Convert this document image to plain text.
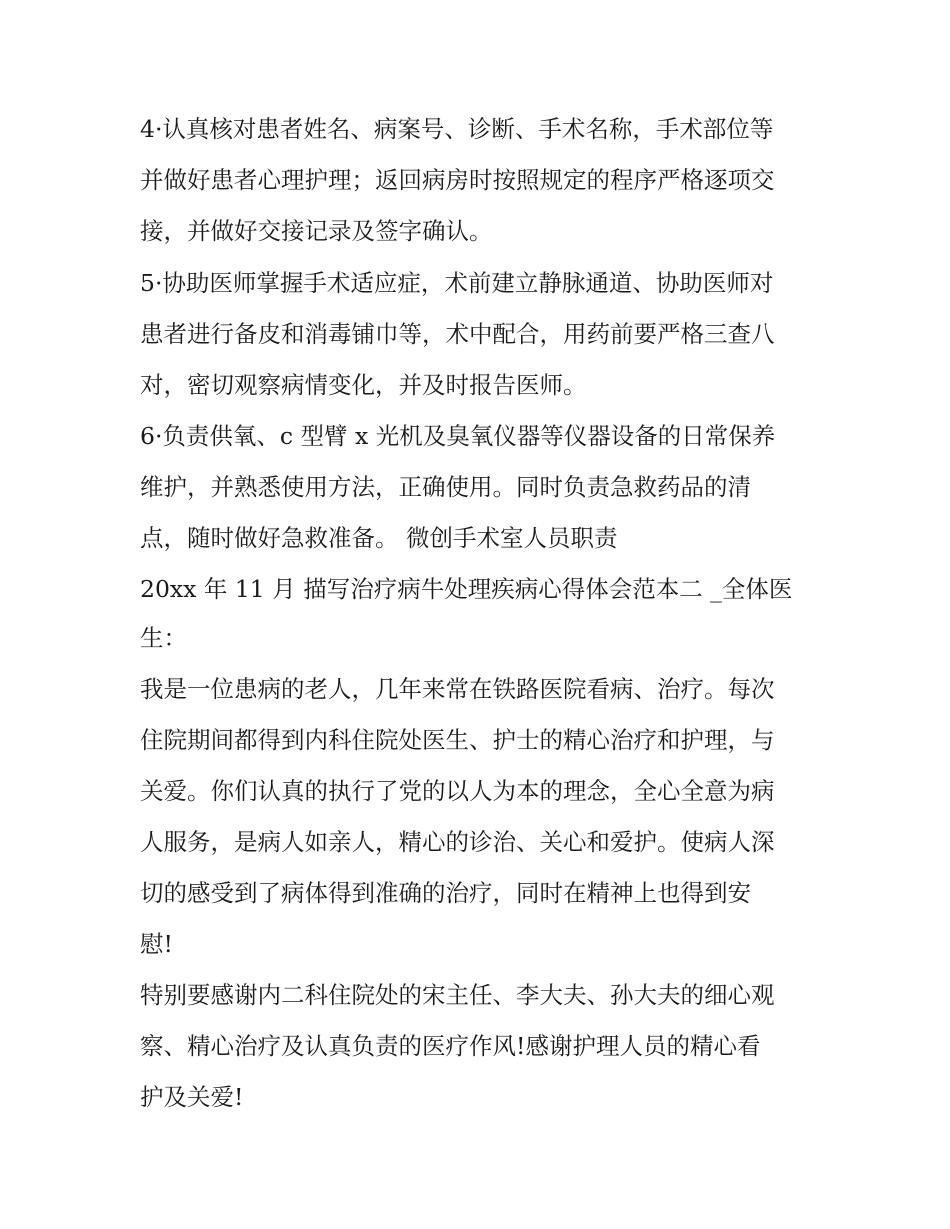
4·认真核对患者姓名、病案号、诊断、手术名称，手术部位等

并做好患者心理护理；返回病房时按照规定的程序严格逐项交

接，并做好交接记录及签字确认。

5·协助医师掌握手术适应症，术前建立静脉通道、协助医师对

患者进行备皮和消毒铺巾等，术中配合，用药前要严格三查八

对，密切观察病情变化，并及时报告医师。

6·负责供氧、c 型臂 x 光机及臭氧仪器等仪器设备的日常保养

维护，并熟悉使用方法，正确使用。同时负责急救药品的清

点，随时做好急救准备。 微创手术室人员职责

20xx 年 11 月 描写治疗病牛处理疾病心得体会范本二 _全体医

生：

我是一位患病的老人，几年来常在铁路医院看病、治疗。每次

住院期间都得到内科住院处医生、护士的精心治疗和护理，与

关爱。你们认真的执行了党的以人为本的理念，全心全意为病

人服务，是病人如亲人，精心的诊治、关心和爱护。使病人深

切的感受到了病体得到准确的治疗，同时在精神上也得到安

慰!

特别要感谢内二科住院处的宋主任、李大夫、孙大夫的细心观

察、精心治疗及认真负责的医疗作风!感谢护理人员的精心看

护及关爱!
